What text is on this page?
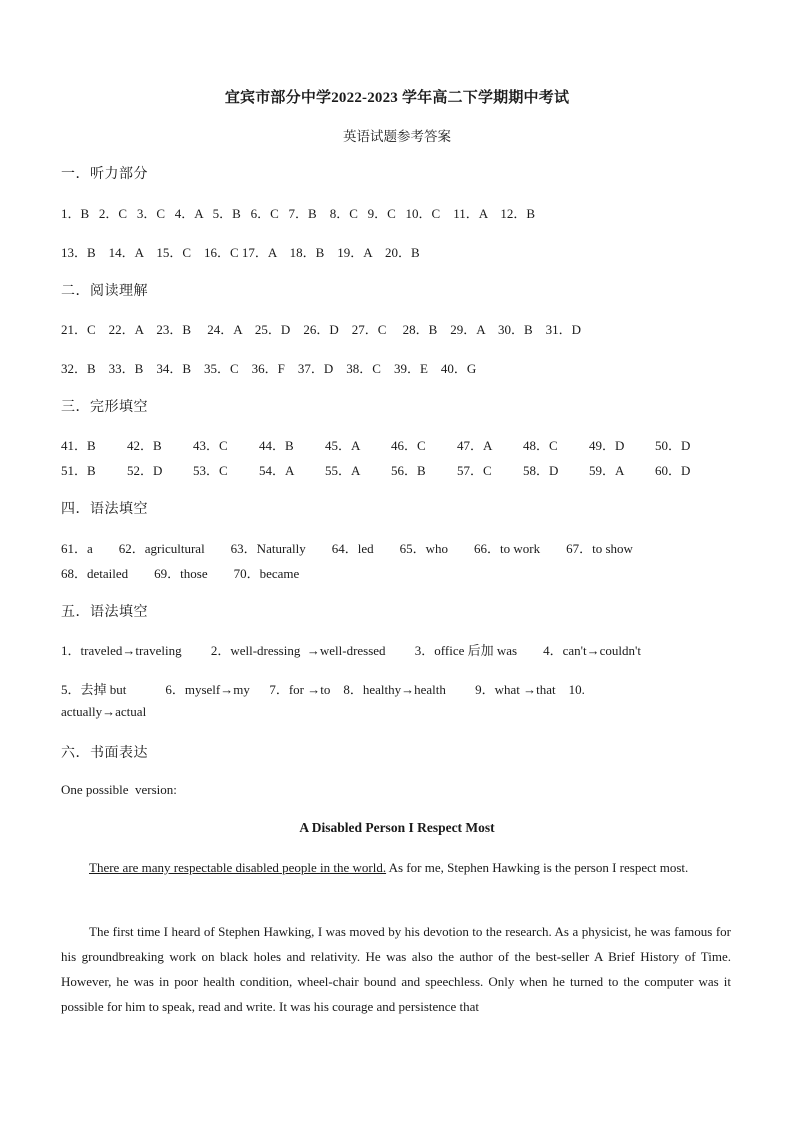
宜宾市部分中学2022-2023 学年高二下学期期中考试
英语试题参考答案
一．听力部分
1．B   2．C   3．C   4．A   5．B   6．C   7．B    8．C   9．C   10．C    11．A    12．B
13．B    14．A    15．C    16．C 17．A    18．B    19．A    20．B
二．阅读理解
21．C    22．A    23．B     24．A    25．D    26．D    27．C     28．B    29．A    30．B    31．D
32．B    33．B    34．B    35．C    36．F    37．D    38．C    39．E    40．G
三．完形填空
41．B	42．B	43．C	44．B	45．A	46．C	47．A	48．C	49．D	50．D
51．B	52．D	53．C	54．A	55．A	56．B	57．C	58．D	59．A	60．D
四．语法填空
61．a        62．agricultural        63．Naturally        64．led        65．who        66．to work        67．to show
68．detailed        69．those        70．became
五．语法填空
1．traveled→traveling         2．well-dressing  →well-dressed         3．office 后加 was        4．can't→couldn't
5．去掉 but            6．myself→my      7．for →to    8．healthy→health         9．what →that    10.
actually→actual
六．书面表达
One possible  version:
A Disabled Person I Respect Most
There are many respectable disabled people in the world. As for me, Stephen Hawking is the person I respect most.
The first time I heard of Stephen Hawking, I was moved by his devotion to the research. As a physicist, he was famous for his groundbreaking work on black holes and relativity. He was also the author of the best-seller A Brief History of Time. However, he was in poor health condition, wheel-chair bound and speechless. Only when he turned to the computer was it possible for him to speak, read and write. It was his courage and persistence that
